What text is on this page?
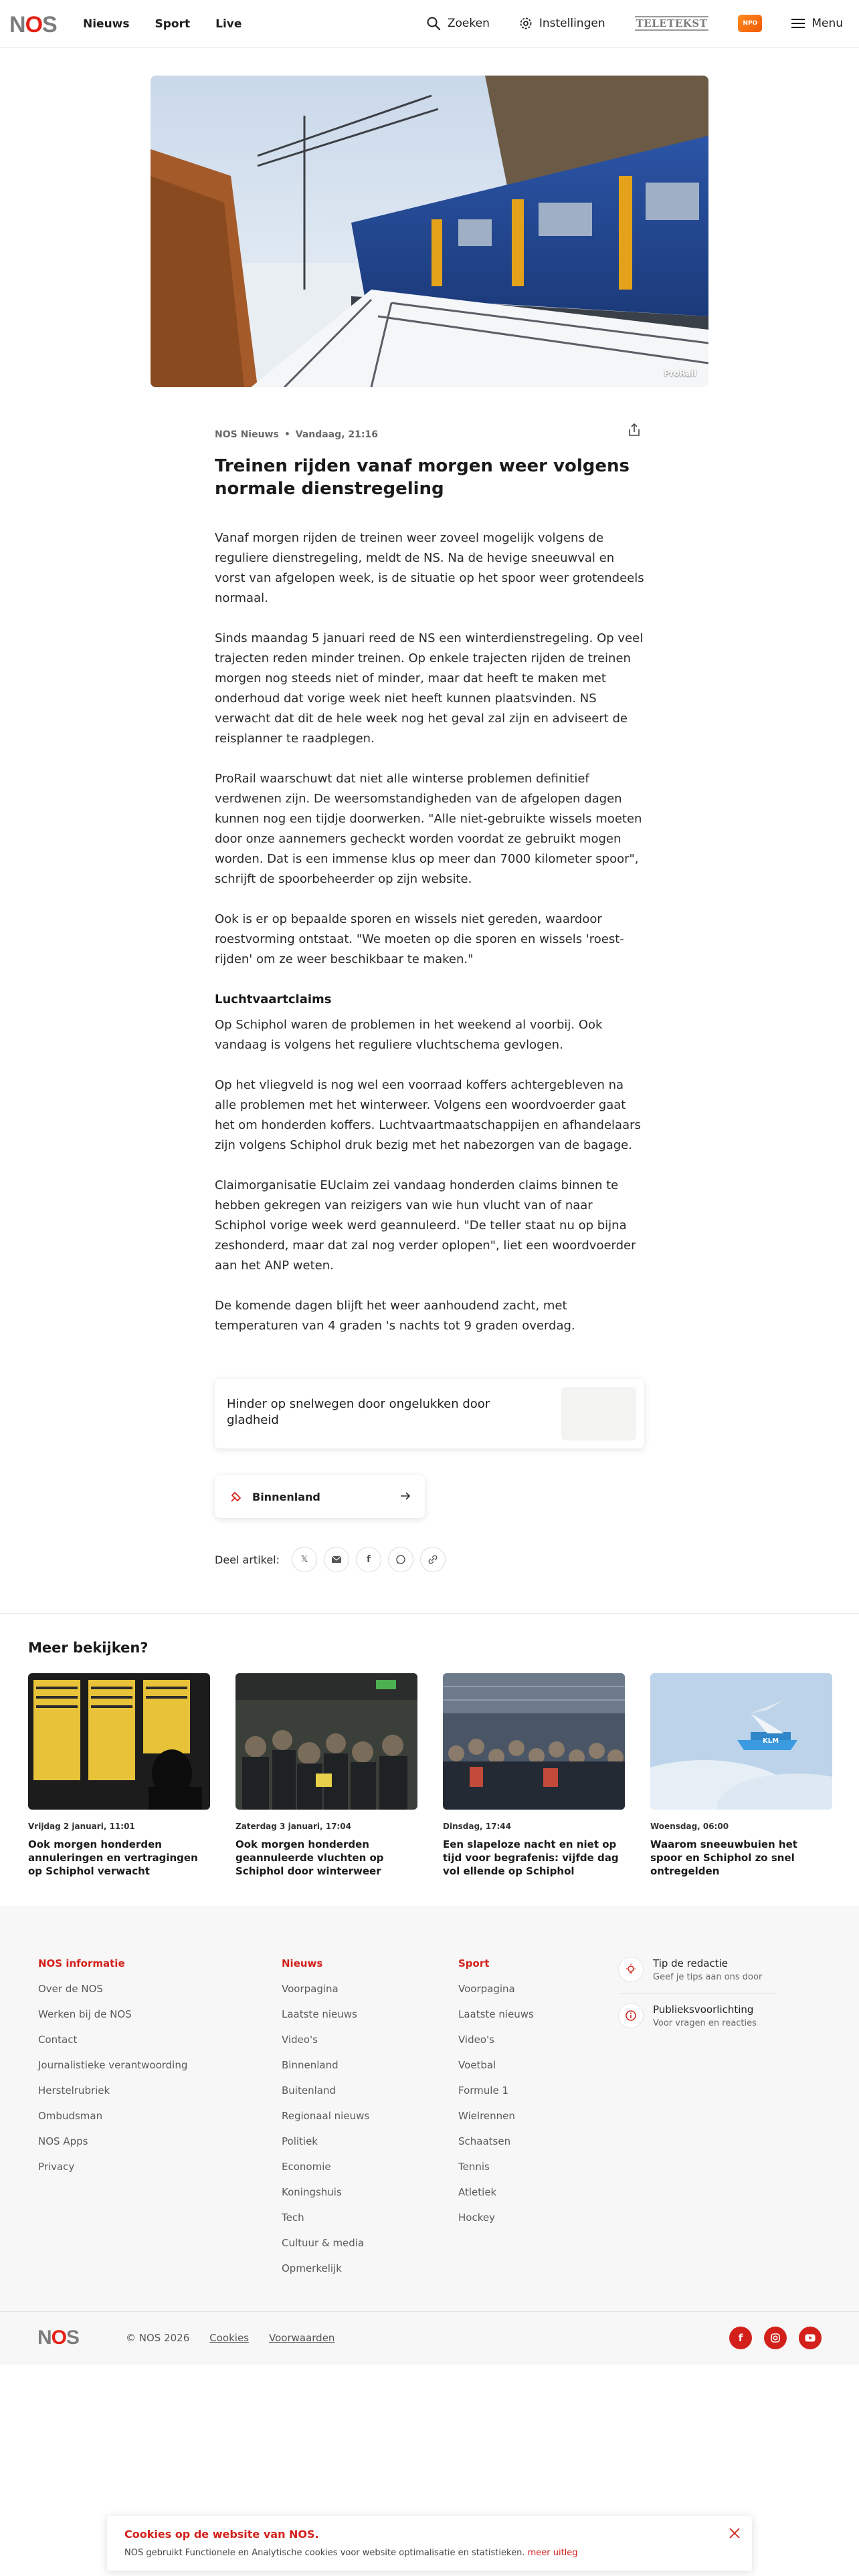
NOS Nieuws Sport Live	Zoeken	Instellingen	TELETEKST	NPO	Menu
ProRail
NOS Nieuws • Vandaag, 21:16
Treinen rijden vanaf morgen weer volgens normale dienstregeling

Vanaf morgen rijden de treinen weer zoveel mogelijk volgens de reguliere dienstregeling, meldt de NS. Na de hevige sneeuwval en vorst van afgelopen week, is de situatie op het spoor weer grotendeels normaal.

Sinds maandag 5 januari reed de NS een winterdienstregeling. Op veel trajecten reden minder treinen. Op enkele trajecten rijden de treinen morgen nog steeds niet of minder, maar dat heeft te maken met onderhoud dat vorige week niet heeft kunnen plaatsvinden. NS verwacht dat dit de hele week nog het geval zal zijn en adviseert de reisplanner te raadplegen.

ProRail waarschuwt dat niet alle winterse problemen definitief verdwenen zijn. De weersomstandigheden van de afgelopen dagen kunnen nog een tijdje doorwerken. "Alle niet-gebruikte wissels moeten door onze aannemers gecheckt worden voordat ze gebruikt mogen worden. Dat is een immense klus op meer dan 7000 kilometer spoor", schrijft de spoorbeheerder op zijn website.

Ook is er op bepaalde sporen en wissels niet gereden, waardoor roestvorming ontstaat. "We moeten op die sporen en wissels 'roest-rijden' om ze weer beschikbaar te maken."

Luchtvaartclaims

Op Schiphol waren de problemen in het weekend al voorbij. Ook vandaag is volgens het reguliere vluchtschema gevlogen.

Op het vliegveld is nog wel een voorraad koffers achtergebleven na alle problemen met het winterweer. Volgens een woordvoerder gaat het om honderden koffers. Luchtvaartmaatschappijen en afhandelaars zijn volgens Schiphol druk bezig met het nabezorgen van de bagage.

Claimorganisatie EUclaim zei vandaag honderden claims binnen te hebben gekregen van reizigers van wie hun vlucht van of naar Schiphol vorige week werd geannuleerd. "De teller staat nu op bijna zeshonderd, maar dat zal nog verder oplopen", liet een woordvoerder aan het ANP weten.

De komende dagen blijft het weer aanhoudend zacht, met temperaturen van 4 graden 's nachts tot 9 graden overdag.

Hinder op snelwegen door ongelukken door gladheid
Binnenland
Deel artikel: 𝕏	f
Meer bekijken?
Vrijdag 2 januari, 11:01
Ook morgen honderden annuleringen en vertragingen op Schiphol verwacht
Zaterdag 3 januari, 17:04
Ook morgen honderden geannuleerde vluchten op Schiphol door winterweer
Dinsdag, 17:44
Een slapeloze nacht en niet op tijd voor begrafenis: vijfde dag vol ellende op Schiphol
KLM
Woensdag, 06:00
Waarom sneeuwbuien het spoor en Schiphol zo snel ontregelden
NOS informatie
Over de NOS
Werken bij de NOS
Contact
Journalistieke verantwoording
Herstelrubriek
Ombudsman
NOS Apps
Privacy
Nieuws
Voorpagina
Laatste nieuws
Video's
Binnenland
Buitenland
Regionaal nieuws
Politiek
Economie
Koningshuis
Tech
Cultuur & media
Opmerkelijk
Sport
Voorpagina
Laatste nieuws
Video's
Voetbal
Formule 1
Wielrennen
Schaatsen
Tennis
Atletiek
Hockey
Tip de redactie
Geef je tips aan ons door
Publieksvoorlichting
Voor vragen en reacties
NOS	© NOS 2026 Cookies Voorwaarden	f
Cookies op de website van NOS.
NOS gebruikt Functionele en Analytische cookies voor website optimalisatie en statistieken. meer uitleg
